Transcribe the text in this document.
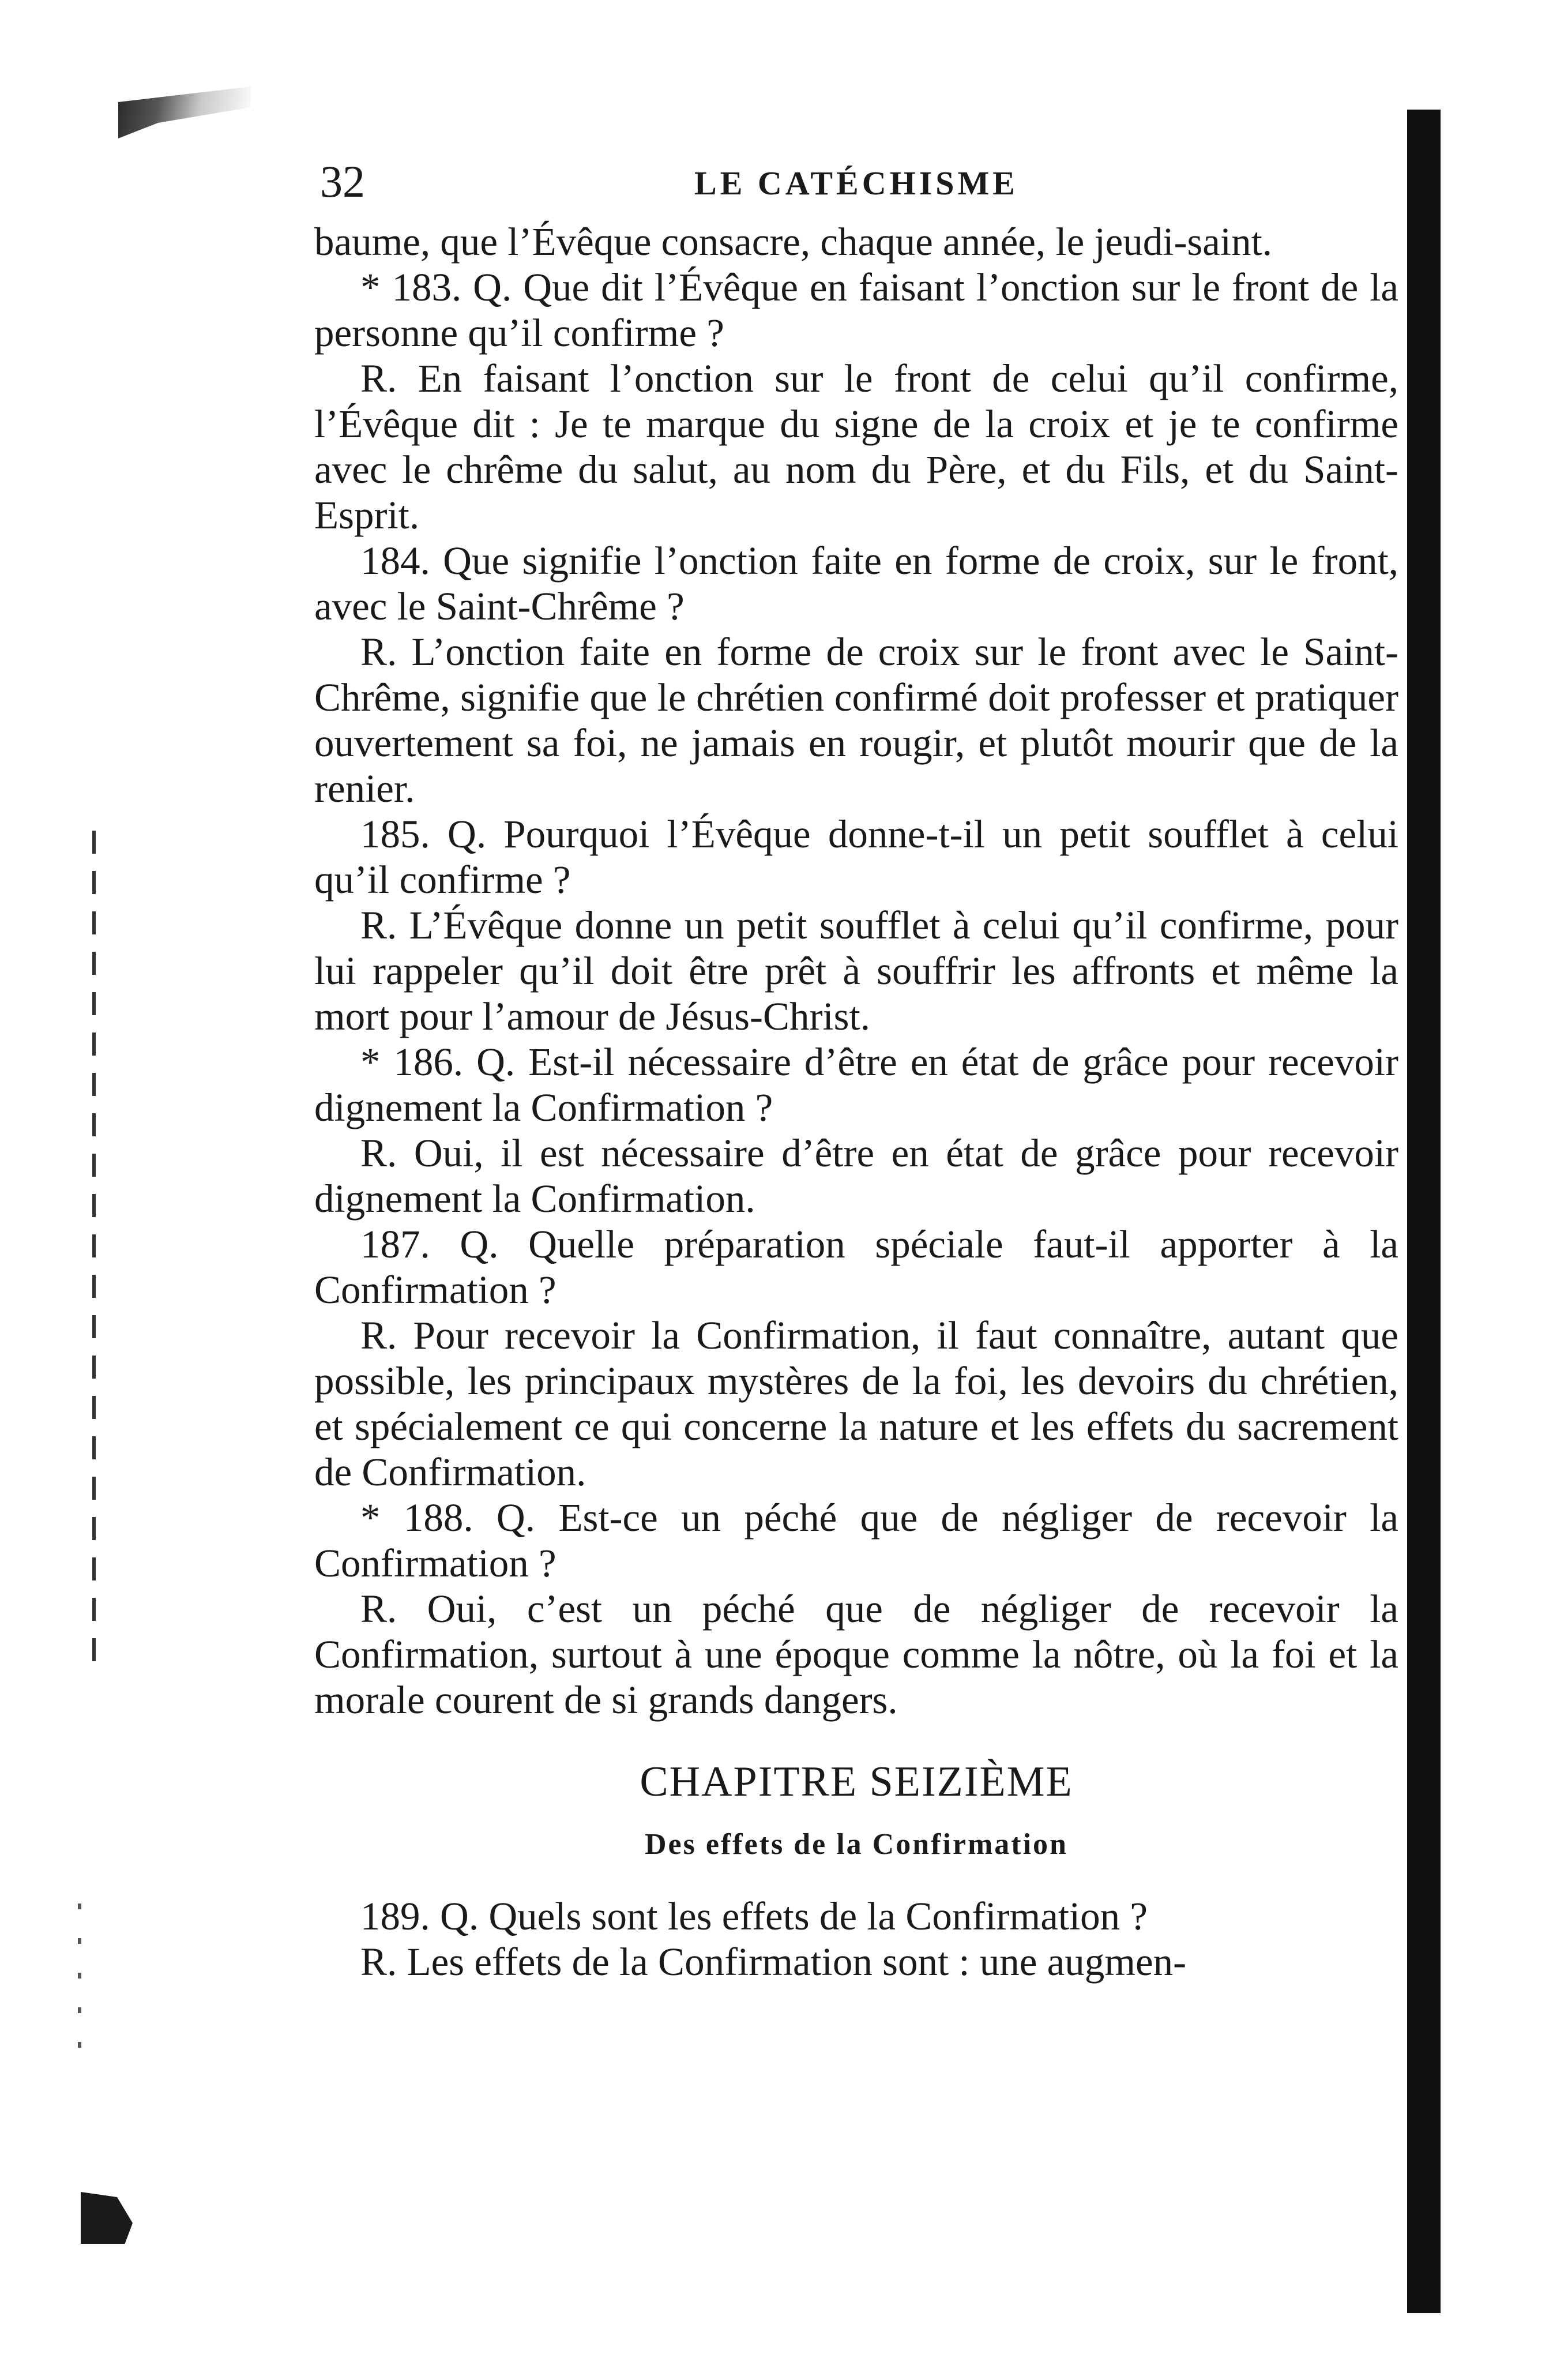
32	LE CATÉCHISME

baume, que l’Évêque consacre, chaque année, le jeudi-saint.

* 183. Q. Que dit l’Évêque en faisant l’onction sur le front de la personne qu’il confirme ?

R. En faisant l’onction sur le front de celui qu’il confirme, l’Évêque dit : Je te marque du signe de la croix et je te confirme avec le chrême du salut, au nom du Père, et du Fils, et du Saint-Esprit.

184. Que signifie l’onction faite en forme de croix, sur le front, avec le Saint-Chrême ?

R. L’onction faite en forme de croix sur le front avec le Saint-Chrême, signifie que le chrétien confirmé doit professer et pratiquer ouvertement sa foi, ne jamais en rougir, et plutôt mourir que de la renier.

185. Q. Pourquoi l’Évêque donne-t-il un petit soufflet à celui qu’il confirme ?

R. L’Évêque donne un petit soufflet à celui qu’il confirme, pour lui rappeler qu’il doit être prêt à souffrir les affronts et même la mort pour l’amour de Jésus-Christ.

* 186. Q. Est-il nécessaire d’être en état de grâce pour recevoir dignement la Confirmation ?

R. Oui, il est nécessaire d’être en état de grâce pour recevoir dignement la Confirmation.

187. Q. Quelle préparation spéciale faut-il apporter à la Confirmation ?

R. Pour recevoir la Confirmation, il faut connaître, autant que possible, les principaux mystères de la foi, les devoirs du chrétien, et spécialement ce qui concerne la nature et les effets du sacrement de Confirmation.

* 188. Q. Est-ce un péché que de négliger de recevoir la Confirmation ?

R. Oui, c’est un péché que de négliger de recevoir la Confirmation, surtout à une époque comme la nôtre, où la foi et la morale courent de si grands dangers.

CHAPITRE SEIZIÈME
Des effets de la Confirmation

189. Q. Quels sont les effets de la Confirmation ?

R. Les effets de la Confirmation sont : une augmen-
